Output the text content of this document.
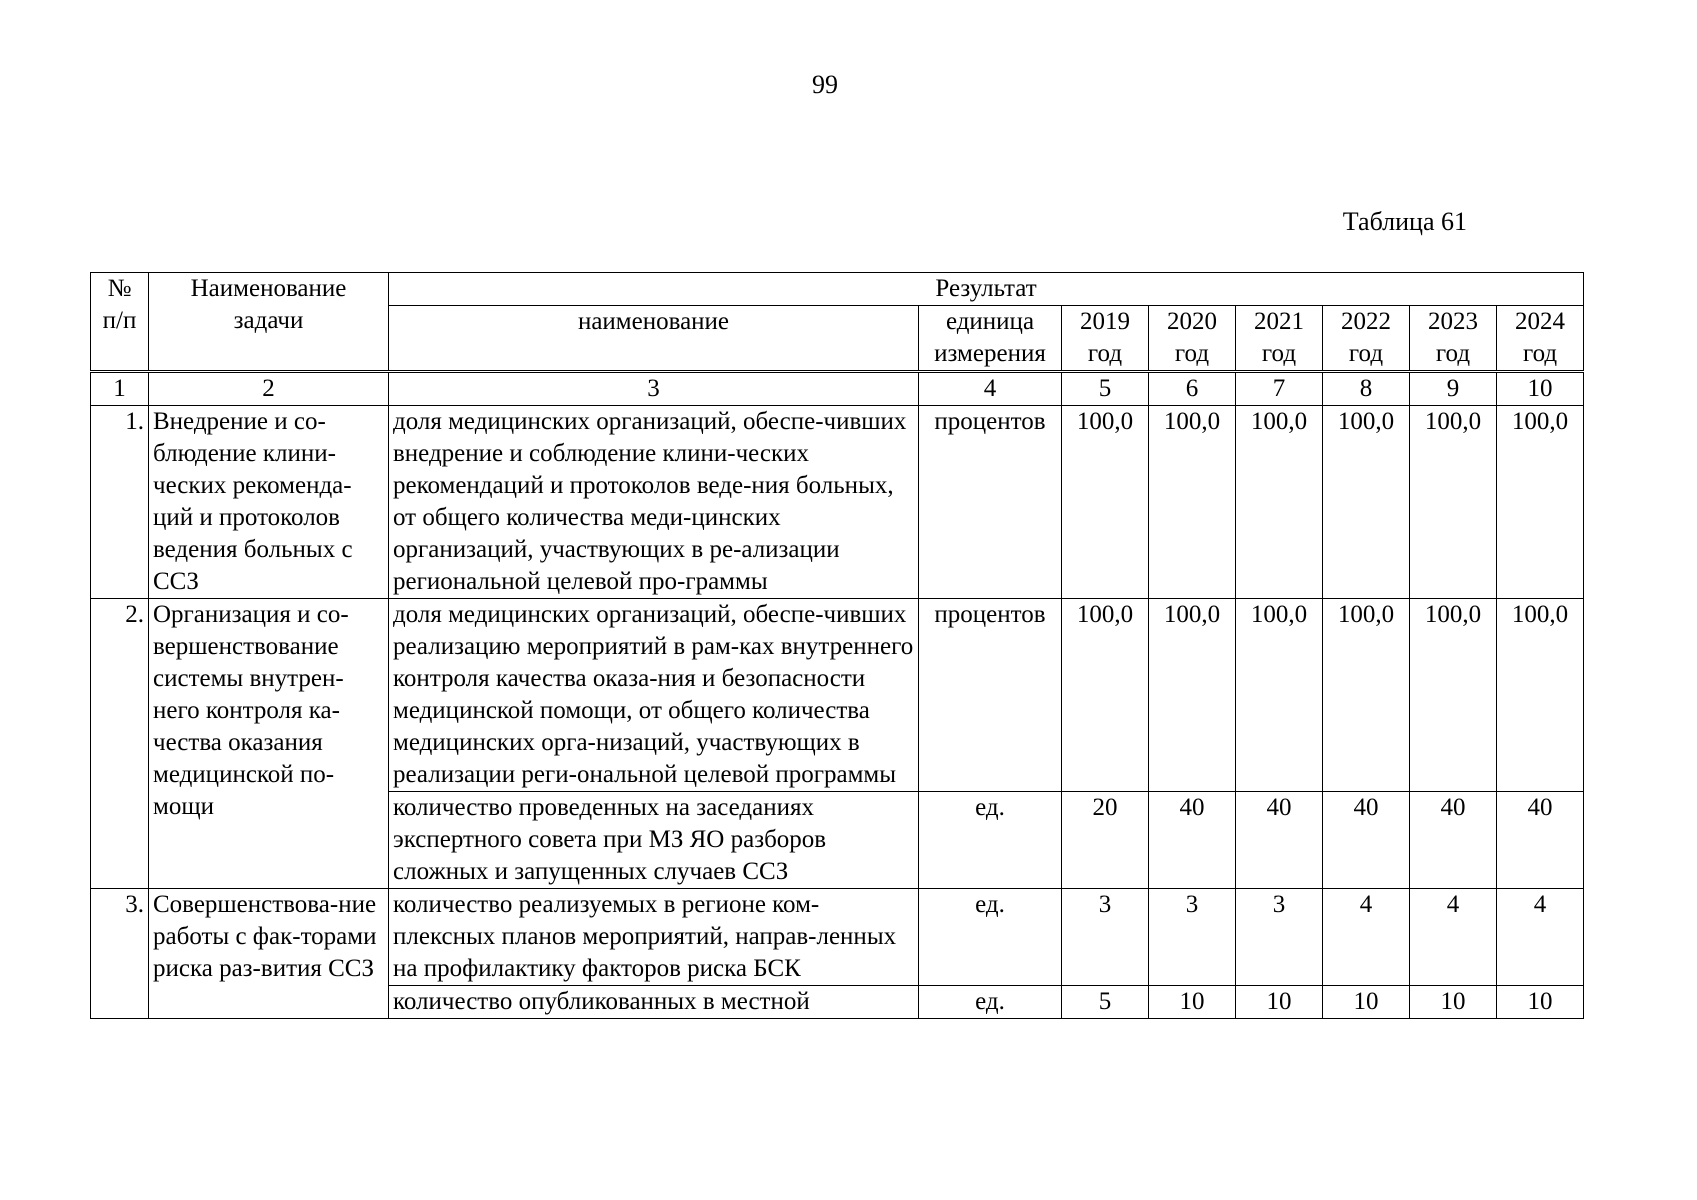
99
Таблица 61
№ п/п	Наименование задачи	Результат							
		наименование	единица измерения	2019 год	2020 год	2021 год	2022 год	2023 год	2024 год
1	2	3	4	5	6	7	8	9	10
1.	Внедрение и со-блюдение клини-ческих рекоменда-ций и протоколов ведения больных с ССЗ	доля медицинских организаций, обеспе-чивших внедрение и соблюдение клини-ческих рекомендаций и протоколов веде-ния больных, от общего количества меди-цинских организаций, участвующих в ре-ализации региональной целевой про-граммы	процентов	100,0	100,0	100,0	100,0	100,0	100,0
2.	Организация и со-вершенствование системы внутрен-него контроля ка-чества оказания медицинской по-мощи	доля медицинских организаций, обеспе-чивших реализацию мероприятий в рам-ках внутреннего контроля качества оказа-ния и безопасности медицинской помощи, от общего количества медицинских орга-низаций, участвующих в реализации реги-ональной целевой программы	процентов	100,0	100,0	100,0	100,0	100,0	100,0
		количество проведенных на заседаниях экспертного совета при МЗ ЯО разборов сложных и запущенных случаев ССЗ	ед.	20	40	40	40	40	40
3.	Совершенствова-ние работы с фак-торами риска раз-вития ССЗ	количество реализуемых в регионе ком-плексных планов мероприятий, направ-ленных на профилактику факторов риска БСК	ед.	3	3	3	4	4	4
		количество опубликованных в местной	ед.	5	10	10	10	10	10
